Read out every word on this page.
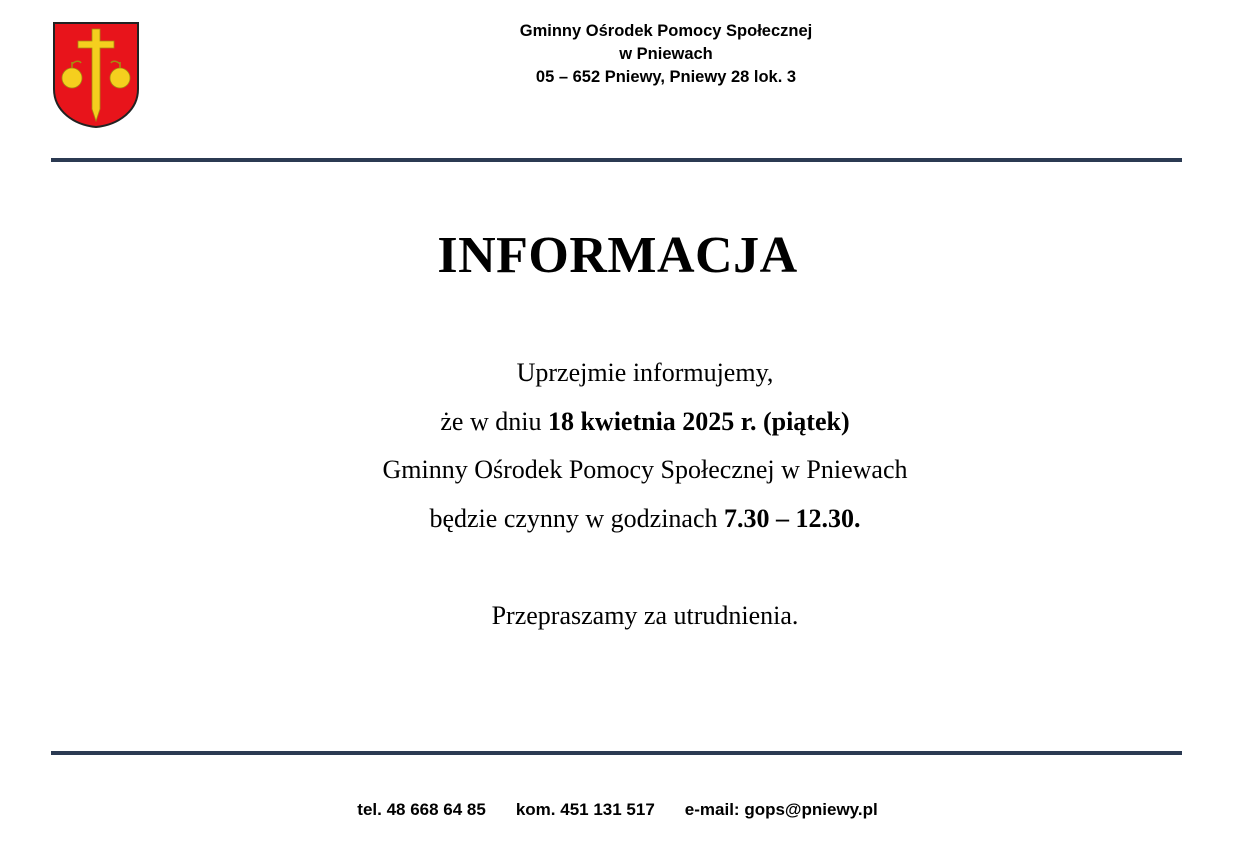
Gminny Ośrodek Pomocy Społecznej
w Pniewach
05 – 652 Pniewy, Pniewy 28 lok. 3
INFORMACJA
Uprzejmie informujemy,
że w dniu 18 kwietnia 2025 r. (piątek)
Gminny Ośrodek Pomocy Społecznej w Pniewach
będzie czynny w godzinach 7.30 – 12.30.
Przepraszamy za utrudnienia.
tel. 48 668 64 85 kom. 451 131 517 e-mail: gops@pniewy.pl
